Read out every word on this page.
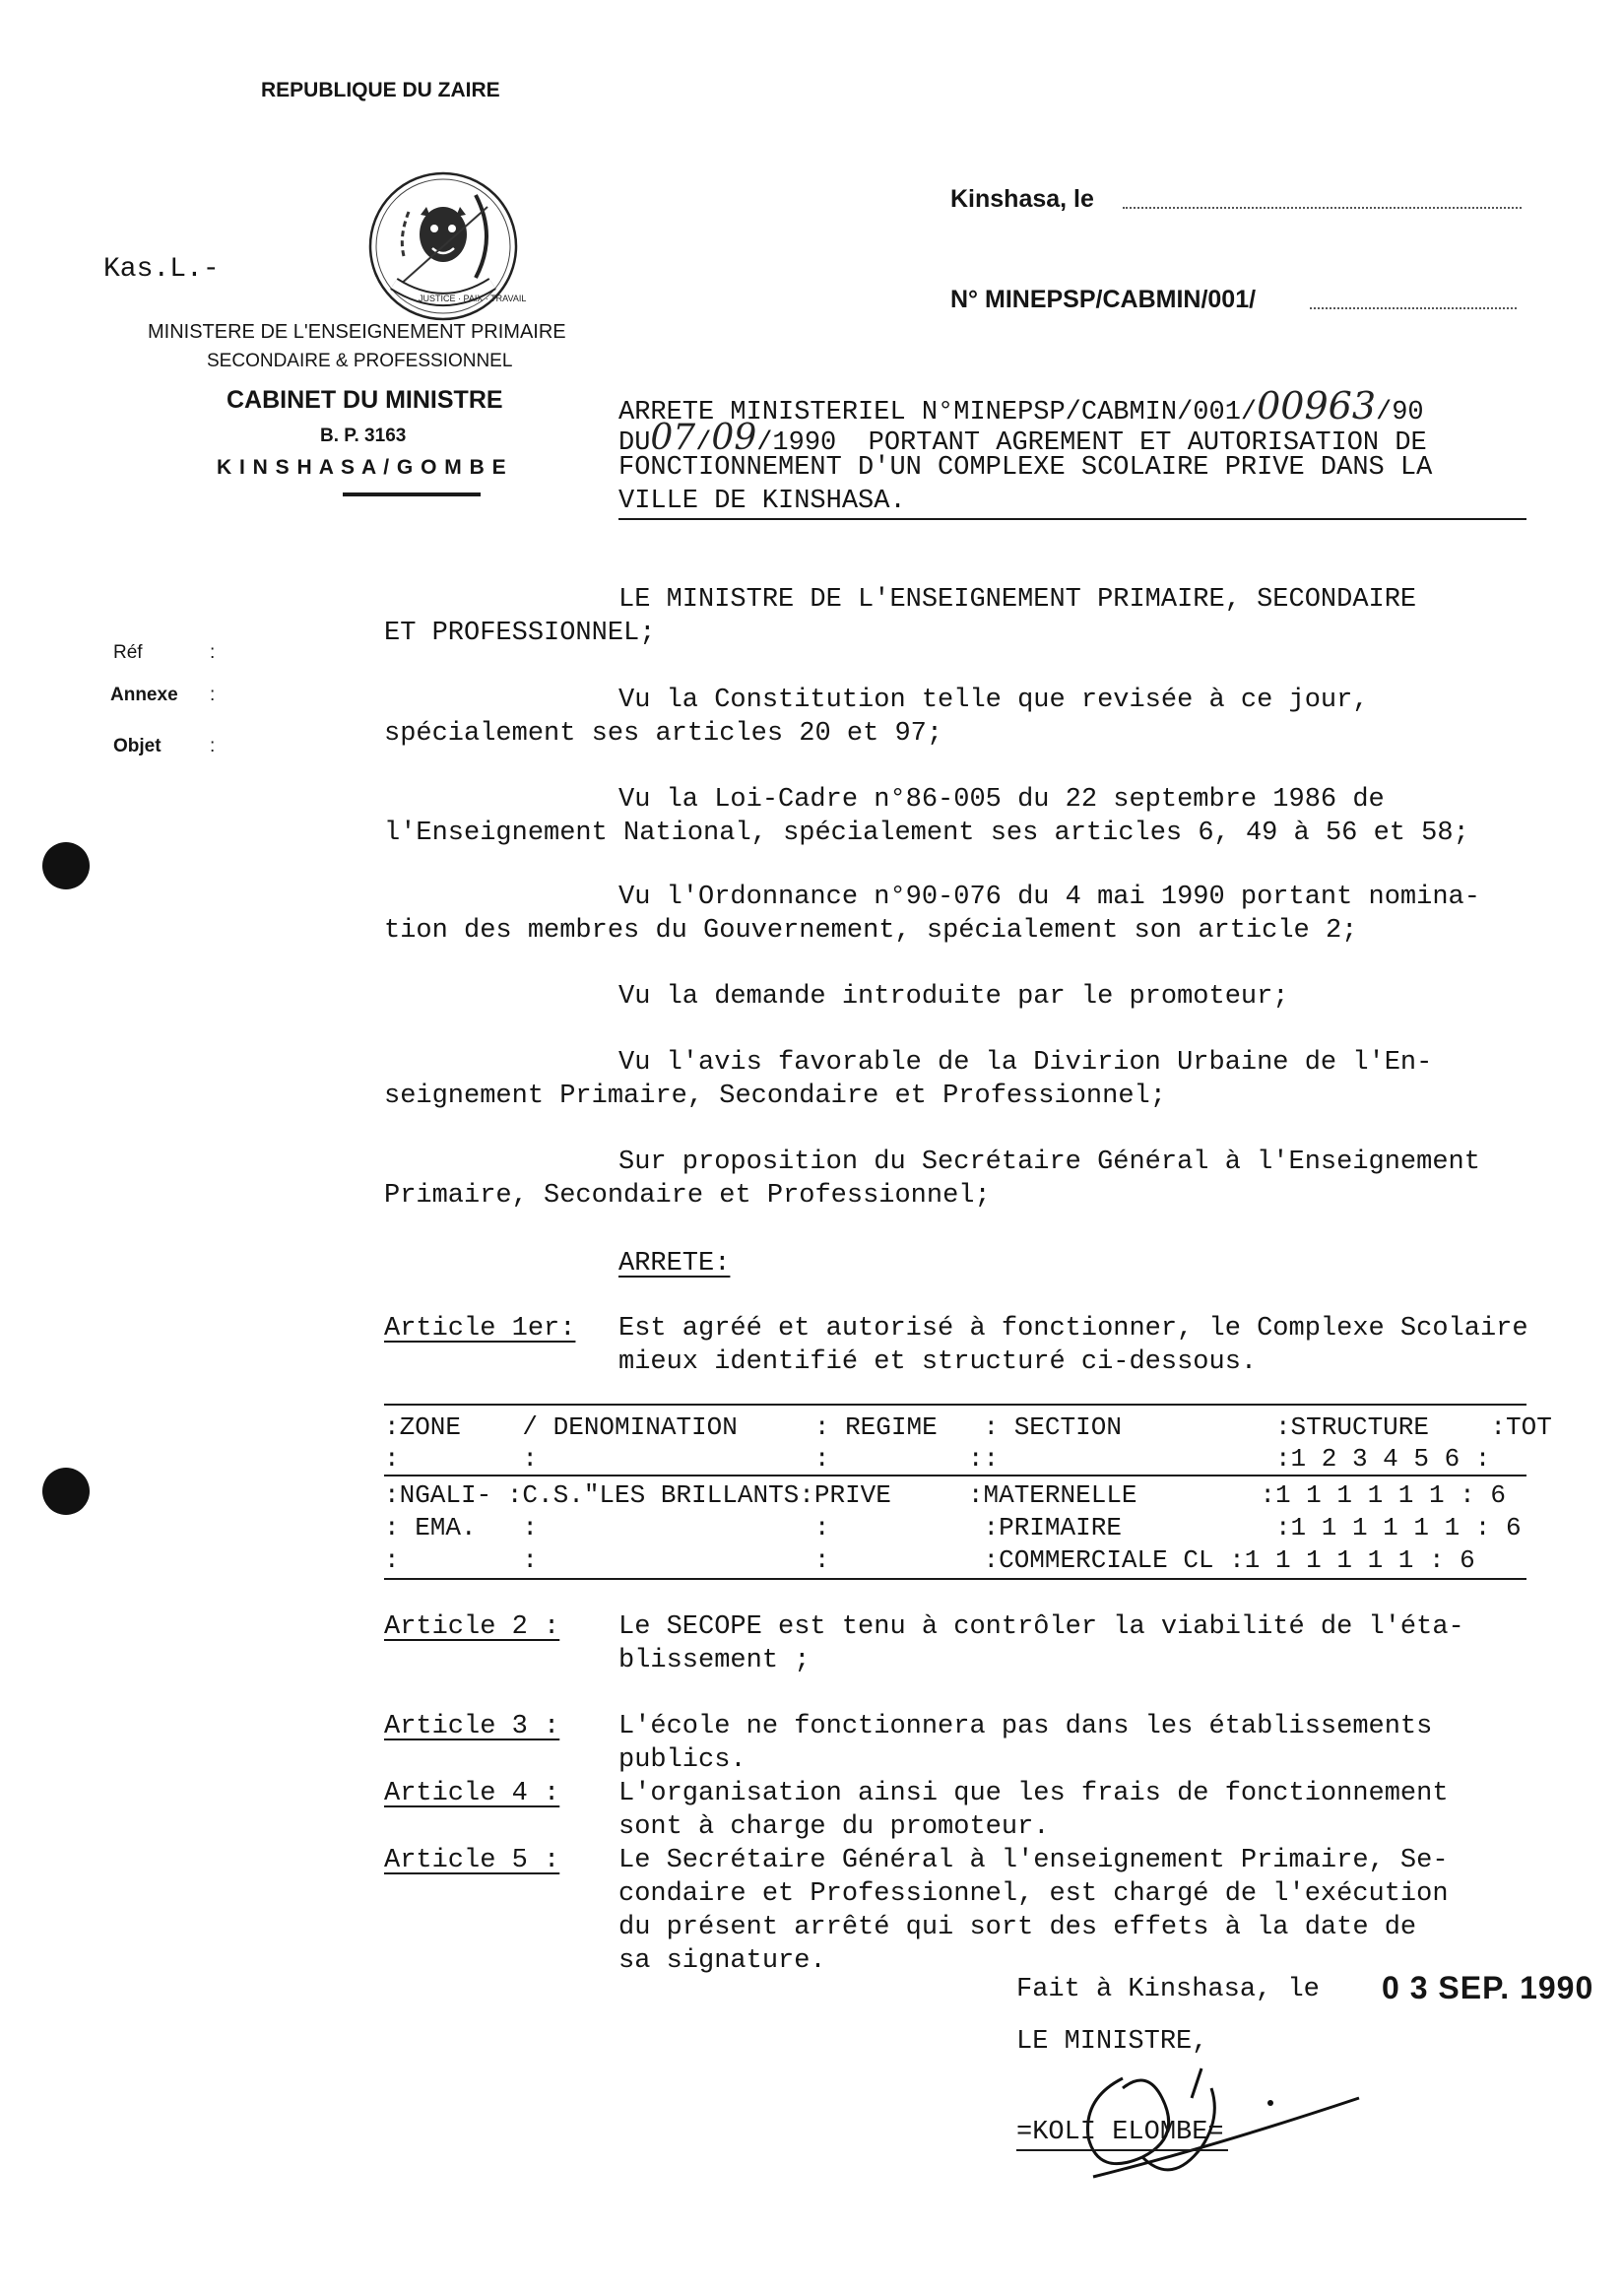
REPUBLIQUE DU ZAIRE

JUSTICE · PAIX · TRAVAIL

Kas.L.-
MINISTERE DE L'ENSEIGNEMENT PRIMAIRE
SECONDAIRE & PROFESSIONNEL
CABINET DU MINISTRE
B. P. 3163
K I N S H A S A / G O M B E
Kinshasa, le
N° MINEPSP/CABMIN/001/
Réf	:
Annexe :
Objet	:
ARRETE MINISTERIEL N°MINEPSP/CABMIN/001/00963/90
DU07/09/1990  PORTANT AGREMENT ET AUTORISATION DE
FONCTIONNEMENT D'UN COMPLEXE SCOLAIRE PRIVE DANS LA
VILLE DE KINSHASA.
LE MINISTRE DE L'ENSEIGNEMENT PRIMAIRE, SECONDAIRE
ET PROFESSIONNEL;
Vu la Constitution telle que revisée à ce jour,
spécialement ses articles 20 et 97;
Vu la Loi-Cadre n°86-005 du 22 septembre 1986 de
l'Enseignement National, spécialement ses articles 6, 49 à 56 et 58;
Vu l'Ordonnance n°90-076 du 4 mai 1990 portant nomina-
tion des membres du Gouvernement, spécialement son article 2;
Vu la demande introduite par le promoteur;
Vu l'avis favorable de la Divirion Urbaine de l'En-
seignement Primaire, Secondaire et Professionnel;
Sur proposition du Secrétaire Général à l'Enseignement
Primaire, Secondaire et Professionnel;
ARRETE:
Article 1er: Est agréé et autorisé à fonctionner, le Complexe Scolaire
mieux identifié et structuré ci-dessous.
:ZONE    / DENOMINATION     : REGIME   : SECTION          :STRUCTURE    :TOT
:        :                  :         ::                  :1 2 3 4 5 6 :
:NGALI- :C.S."LES BRILLANTS:PRIVE     :MATERNELLE        :1 1 1 1 1 1 : 6
: EMA.   :                  :          :PRIMAIRE          :1 1 1 1 1 1 : 6
:        :                  :          :COMMERCIALE CL :1 1 1 1 1 1 : 6
Article 2 : Le SECOPE est tenu à contrôler la viabilité de l'éta-
blissement ;
Article 3 : L'école ne fonctionnera pas dans les établissements
publics.
Article 4 : L'organisation ainsi que les frais de fonctionnement
sont à charge du promoteur.
Article 5 : Le Secrétaire Général à l'enseignement Primaire, Se-
condaire et Professionnel, est chargé de l'exécution
du présent arrêté qui sort des effets à la date de
sa signature.
Fait à Kinshasa, le 0 3 SEP. 1990
LE MINISTRE,

=KOLI ELOMBE=
